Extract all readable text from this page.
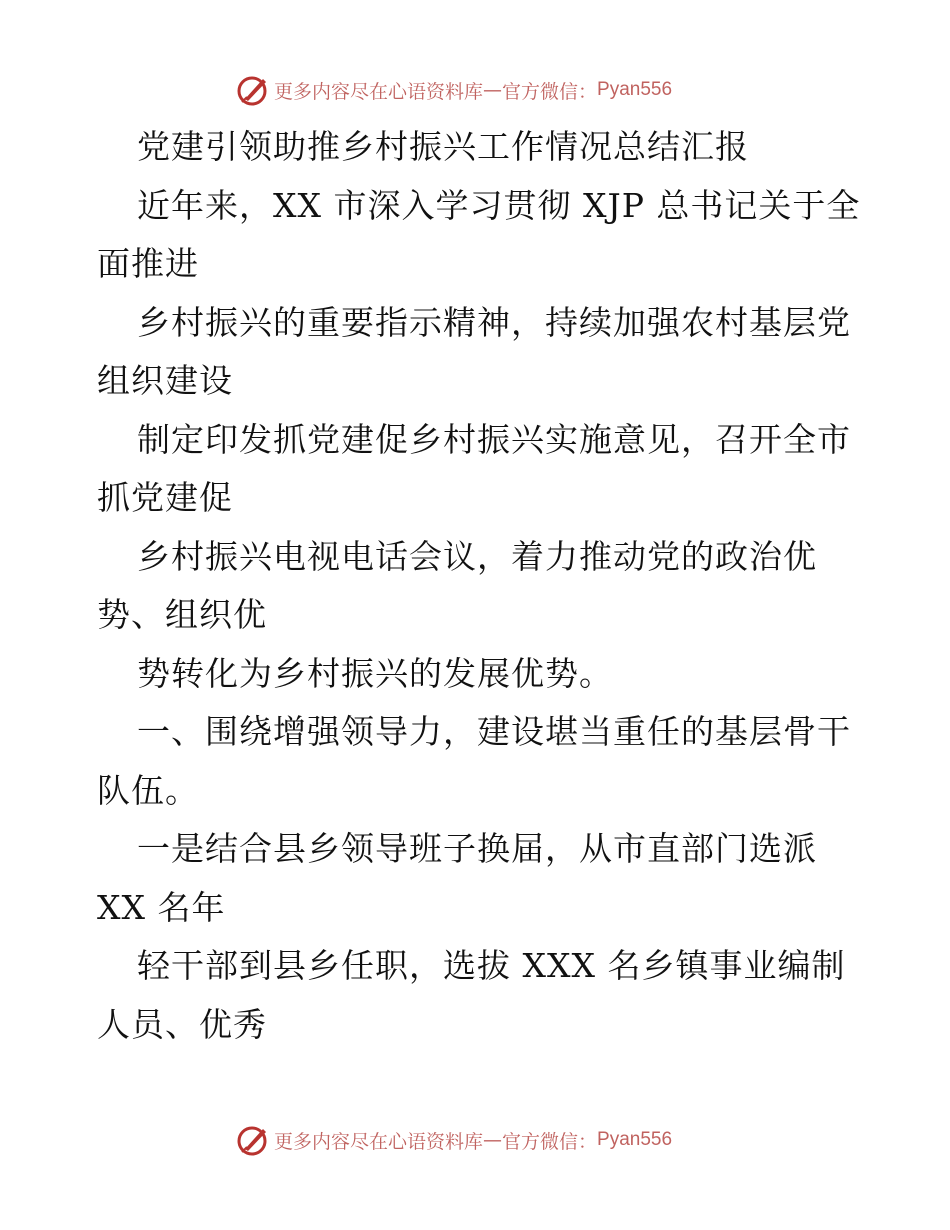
更多内容尽在心语资料库 — 官方微信： Pyan556
党建引领助推乡村振兴工作情况总结汇报
近年来，XX 市深入学习贯彻 XJP 总书记关于全
面推进
乡村振兴的重要指示精神，持续加强农村基层党
组织建设
制定印发抓党建促乡村振兴实施意见，召开全市
抓党建促
乡村振兴电视电话会议，着力推动党的政治优
势、组织优
势转化为乡村振兴的发展优势。
一、围绕增强领导力，建设堪当重任的基层骨干
队伍。
一是结合县乡领导班子换届，从市直部门选派
XX 名年
轻干部到县乡任职，选拔 XXX 名乡镇事业编制
人员、优秀
更多内容尽在心语资料库 — 官方微信： Pyan556
